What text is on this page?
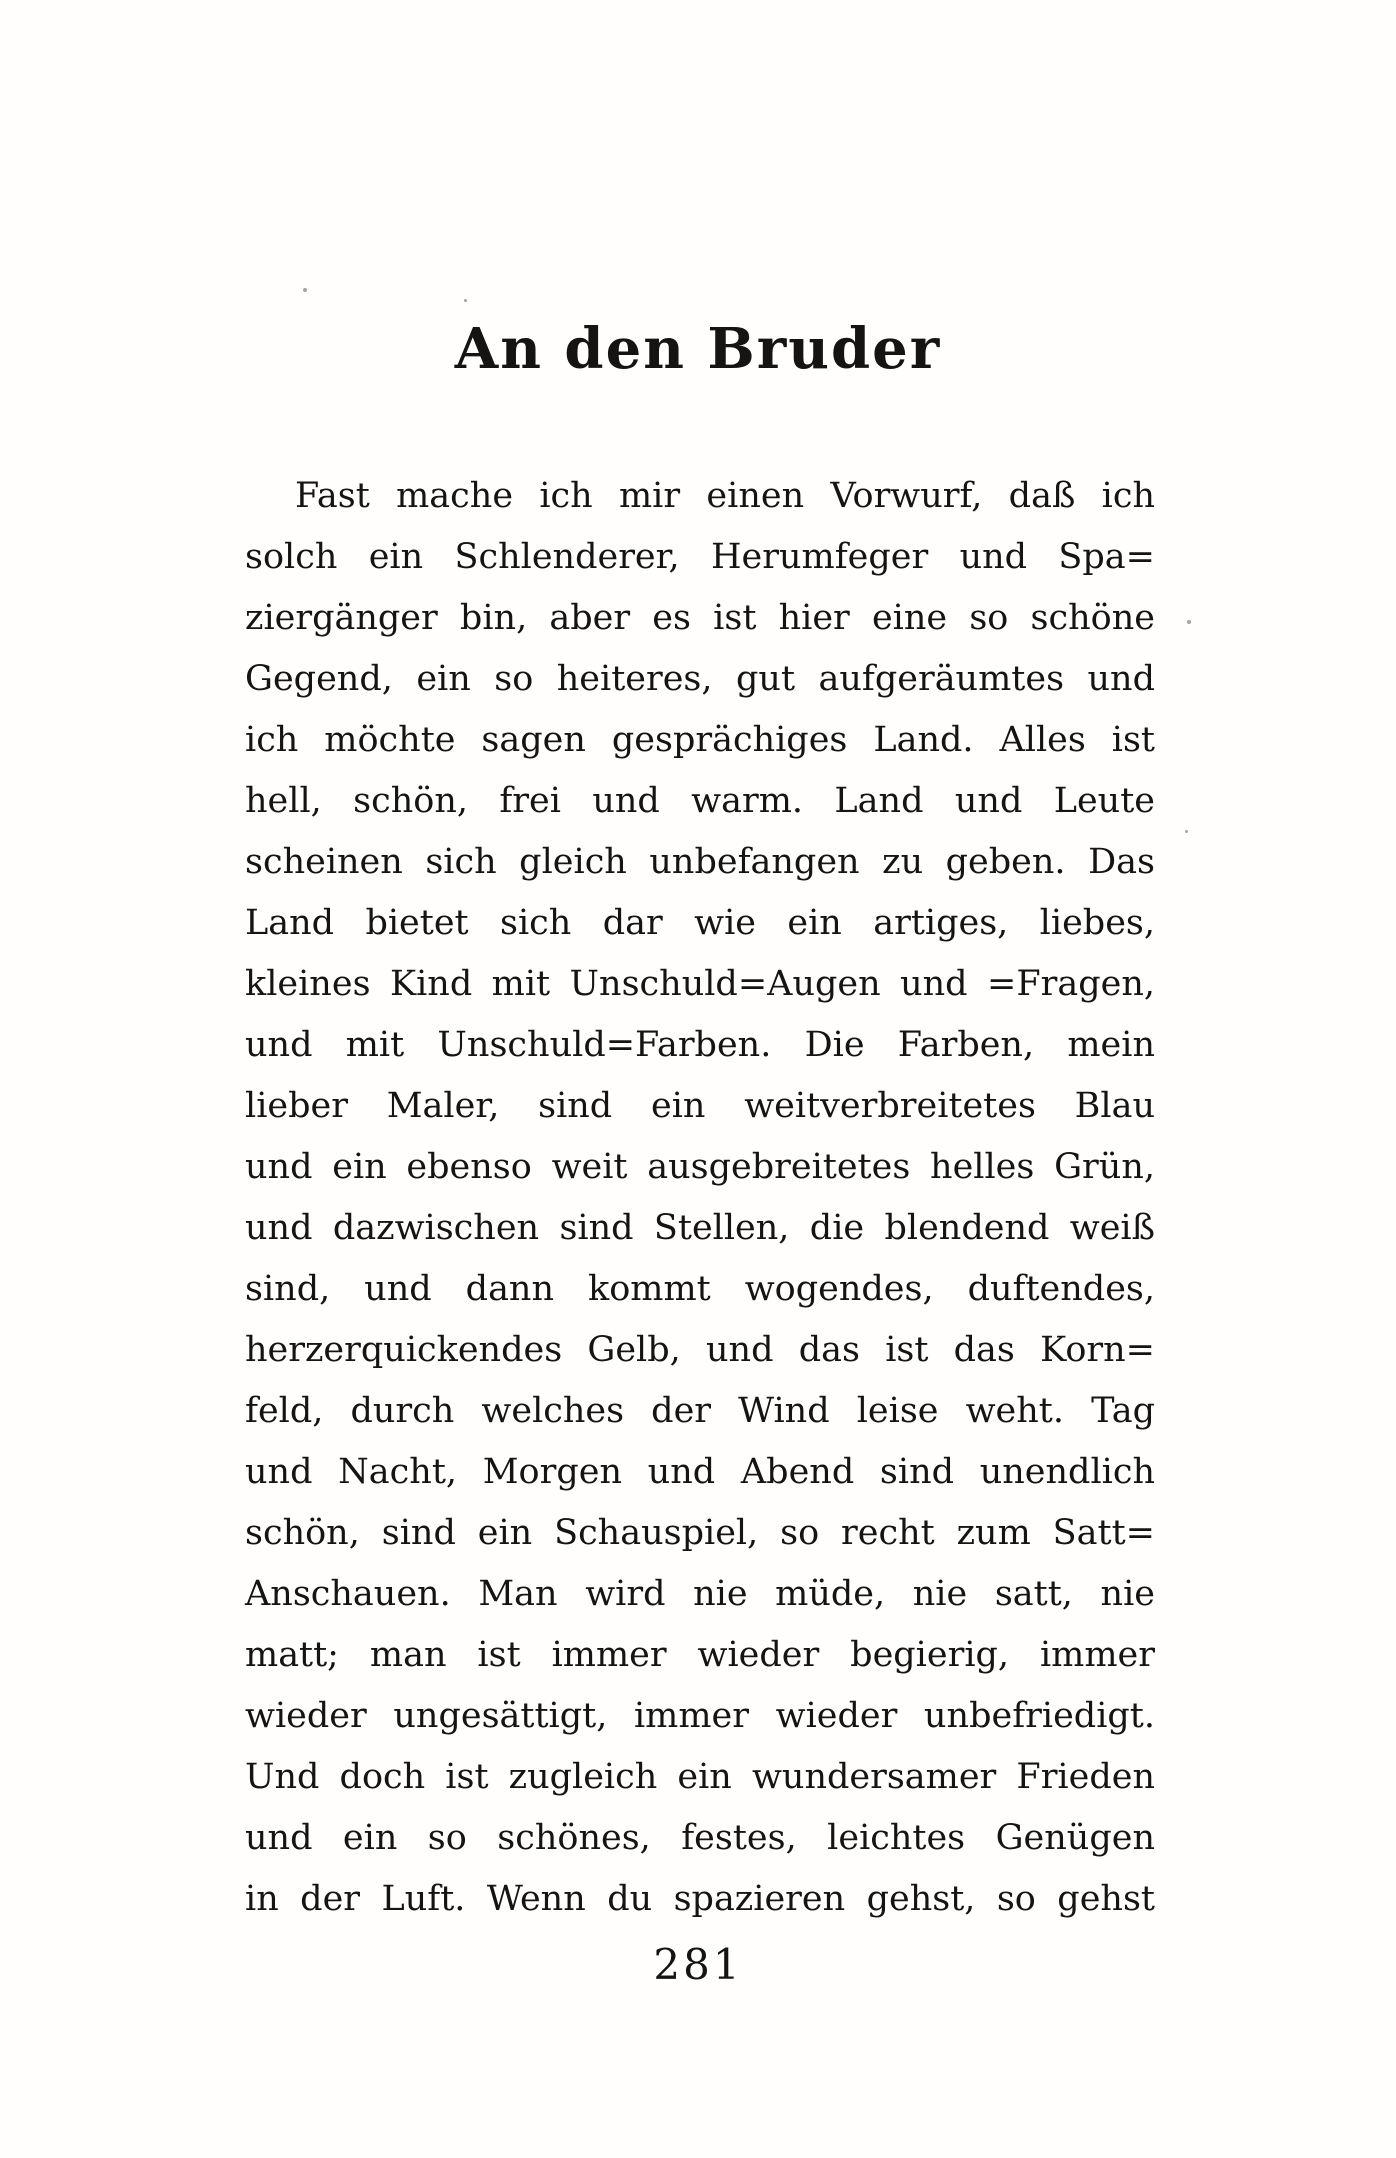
An den Bruder
Fast mache ich mir einen Vorwurf, daß ich
solch ein Schlenderer, Herumfeger und Spa=
ziergänger bin, aber es ist hier eine so schöne
Gegend, ein so heiteres, gut aufgeräumtes und
ich möchte sagen gesprächiges Land. Alles ist
hell, schön, frei und warm. Land und Leute
scheinen sich gleich unbefangen zu geben. Das
Land bietet sich dar wie ein artiges, liebes,
kleines Kind mit Unschuld=Augen und =Fragen,
und mit Unschuld=Farben. Die Farben, mein
lieber Maler, sind ein weitverbreitetes Blau
und ein ebenso weit ausgebreitetes helles Grün,
und dazwischen sind Stellen, die blendend weiß
sind, und dann kommt wogendes, duftendes,
herzerquickendes Gelb, und das ist das Korn=
feld, durch welches der Wind leise weht. Tag
und Nacht, Morgen und Abend sind unendlich
schön, sind ein Schauspiel, so recht zum Satt=
Anschauen. Man wird nie müde, nie satt, nie
matt; man ist immer wieder begierig, immer
wieder ungesättigt, immer wieder unbefriedigt.
Und doch ist zugleich ein wundersamer Frieden
und ein so schönes, festes, leichtes Genügen
in der Luft. Wenn du spazieren gehst, so gehst
281
